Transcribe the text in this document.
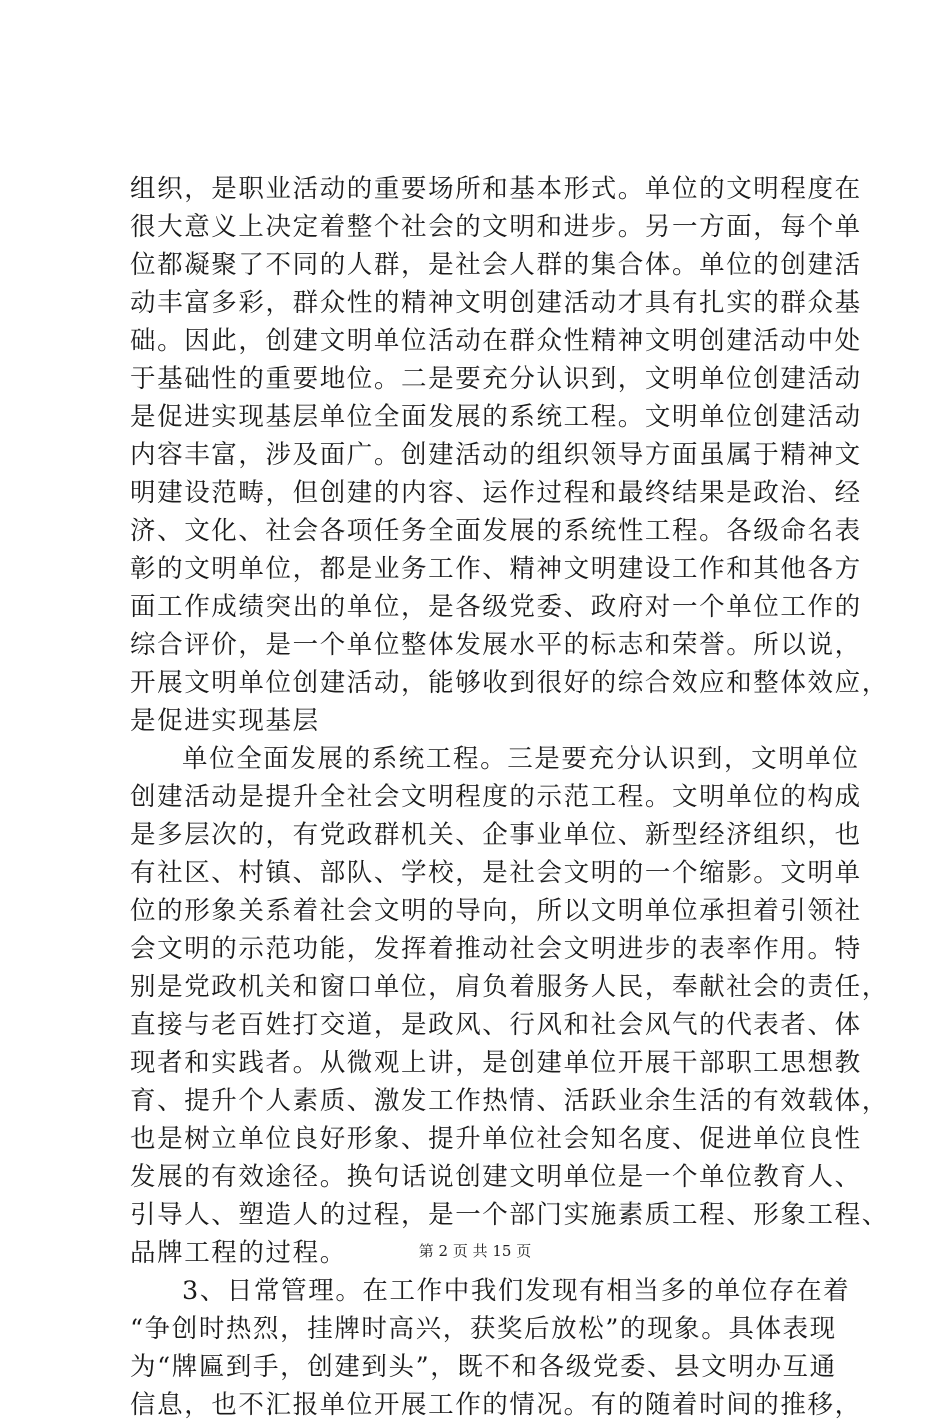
组织，是职业活动的重要场所和基本形式。单位的文明程度在
很大意义上决定着整个社会的文明和进步。另一方面，每个单
位都凝聚了不同的人群，是社会人群的集合体。单位的创建活
动丰富多彩，群众性的精神文明创建活动才具有扎实的群众基
础。因此，创建文明单位活动在群众性精神文明创建活动中处
于基础性的重要地位。二是要充分认识到，文明单位创建活动
是促进实现基层单位全面发展的系统工程。文明单位创建活动
内容丰富，涉及面广。创建活动的组织领导方面虽属于精神文
明建设范畴，但创建的内容、运作过程和最终结果是政治、经
济、文化、社会各项任务全面发展的系统性工程。各级命名表
彰的文明单位，都是业务工作、精神文明建设工作和其他各方
面工作成绩突出的单位，是各级党委、政府对一个单位工作的
综合评价，是一个单位整体发展水平的标志和荣誉。所以说，
开展文明单位创建活动，能够收到很好的综合效应和整体效应，
是促进实现基层
单位全面发展的系统工程。三是要充分认识到，文明单位
创建活动是提升全社会文明程度的示范工程。文明单位的构成
是多层次的，有党政群机关、企事业单位、新型经济组织，也
有社区、村镇、部队、学校，是社会文明的一个缩影。文明单
位的形象关系着社会文明的导向，所以文明单位承担着引领社
会文明的示范功能，发挥着推动社会文明进步的表率作用。特
别是党政机关和窗口单位，肩负着服务人民，奉献社会的责任，
直接与老百姓打交道，是政风、行风和社会风气的代表者、体
现者和实践者。从微观上讲，是创建单位开展干部职工思想教
育、提升个人素质、激发工作热情、活跃业余生活的有效载体，
也是树立单位良好形象、提升单位社会知名度、促进单位良性
发展的有效途径。换句话说创建文明单位是一个单位教育人、
引导人、塑造人的过程，是一个部门实施素质工程、形象工程、
品牌工程的过程。
3、日常管理。在工作中我们发现有相当多的单位存在着
“争创时热烈，挂牌时高兴，获奖后放松”的现象。具体表现
为“牌匾到手，创建到头”，既不和各级党委、县文明办互通
信息，也不汇报单位开展工作的情况。有的随着时间的推移，
第 2 页 共 15 页
